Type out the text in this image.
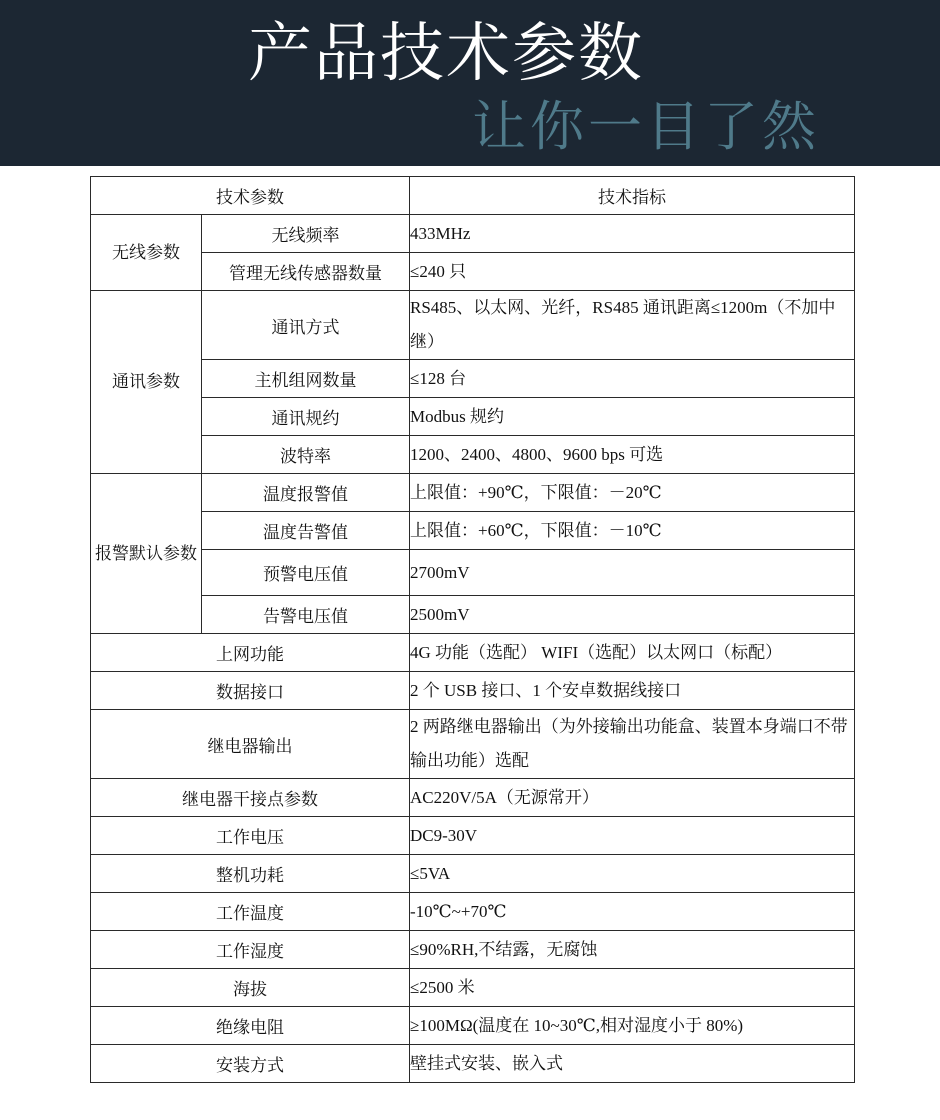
产品技术参数
让你一目了然
技术参数		技术指标
无线参数	无线频率	433MHz
	管理无线传感器数量	≤240 只
通讯参数	通讯方式	RS485、以太网、光纤，RS485 通讯距离≤1200m（不加中继）
	主机组网数量	≤128 台
	通讯规约	Modbus 规约
	波特率	1200、2400、4800、9600 bps 可选
报警默认参数	温度报警值	上限值：+90℃，下限值：－20℃
	温度告警值	上限值：+60℃，下限值：－10℃
	预警电压值	2700mV
	告警电压值	2500mV
上网功能		4G 功能（选配） WIFI（选配）以太网口（标配）
数据接口		2 个 USB 接口、1 个安卓数据线接口
继电器输出		2 两路继电器输出（为外接输出功能盒、装置本身端口不带输出功能）选配
继电器干接点参数		AC220V/5A（无源常开）
工作电压		DC9-30V
整机功耗		≤5VA
工作温度		-10℃~+70℃
工作湿度		≤90%RH,不结露，无腐蚀
海拔		≤2500 米
绝缘电阻		≥100MΩ(温度在 10~30℃,相对湿度小于 80%)
安装方式		壁挂式安装、嵌入式
